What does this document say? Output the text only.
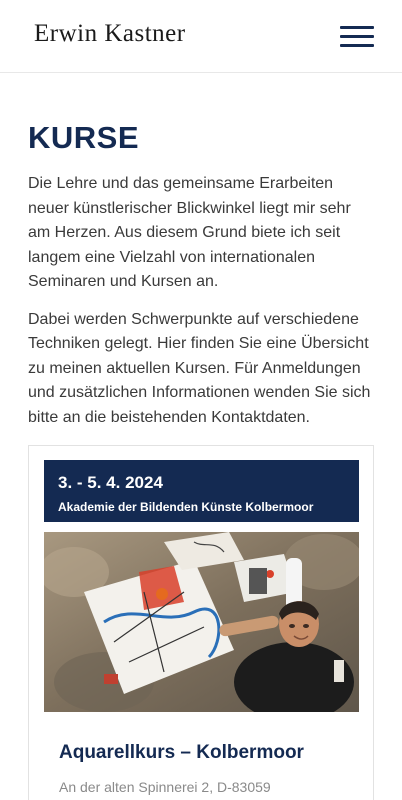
Erwin Kastner
KURSE

Die Lehre und das gemeinsame Erarbeiten neuer künstlerischer Blickwinkel liegt mir sehr am Herzen. Aus diesem Grund biete ich seit langem eine Vielzahl von internationalen Seminaren und Kursen an.

Dabei werden Schwerpunkte auf verschiedene Techniken gelegt. Hier finden Sie eine Übersicht zu meinen aktuellen Kursen. Für Anmeldungen und zusätzlichen Informationen wenden Sie sich bitte an die beistehenden Kontaktdaten.

3. - 5. 4. 2024
Akademie der Bildenden Künste Kolbermoor
Aquarellkurs – Kolbermoor
An der alten Spinnerei 2, D-83059
